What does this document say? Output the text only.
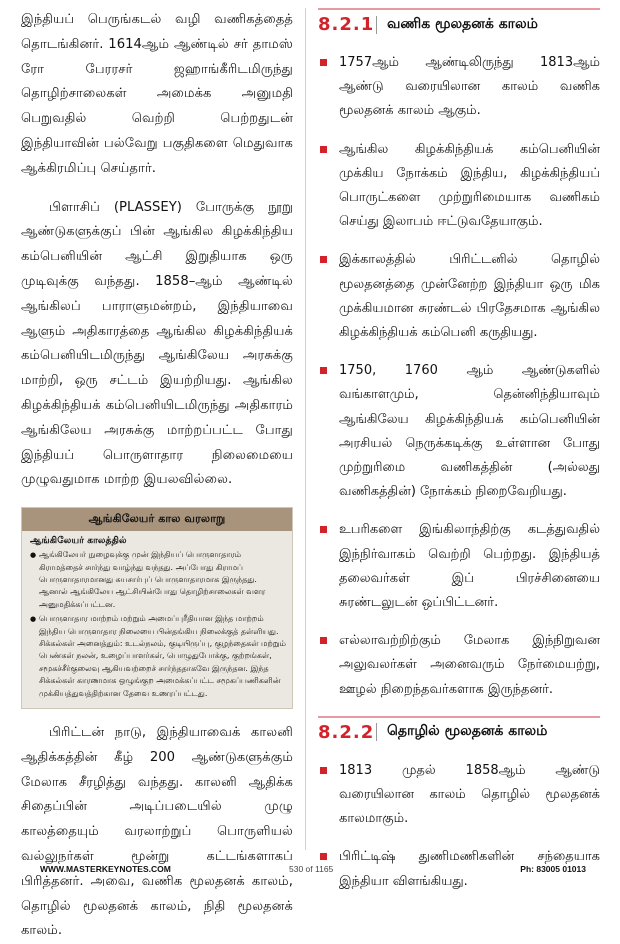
இந்தியப் பெருங்கடல் வழி வணிகத்தைத் தொடங்கினர். 1614ஆம் ஆண்டில் சர் தாமஸ் ரோ பேரரசர் ஜஹாங்கீரிடமிருந்து தொழிற்சாலைகள் அமைக்க அனுமதி பெறுவதில் வெற்றி பெற்றதுடன் இந்தியாவின் பல்வேறு பகுதிகளை மெதுவாக ஆக்கிரமிப்பு செய்தார்.

பிளாசிப் (PLASSEY) போருக்கு நூறு ஆண்டுகளுக்குப் பின் ஆங்கில கிழக்கிந்திய கம்பெனியின் ஆட்சி இறுதியாக ஒரு முடிவுக்கு வந்தது. 1858–ஆம் ஆண்டில் ஆங்கிலப் பாராளுமன்றம், இந்தியாவை ஆளும் அதிகாரத்தை ஆங்கில கிழக்கிந்தியக் கம்பெனியிடமிருந்து ஆங்கிலேய அரசுக்கு மாற்றி, ஒரு சட்டம் இயற்றியது. ஆங்கில கிழக்கிந்தியக் கம்பெனியிடமிருந்து அதிகாரம் ஆங்கிலேய அரசுக்கு மாற்றப்பட்ட போது இந்தியப் பொருளாதார நிலைமையை முழுவதுமாக மாற்ற இயலவில்லை.

ஆங்கிலேயர் கால வரலாறு
ஆங்கிலேயர் காலத்தில்
● ஆங்கிலேயர் நுழைவுக்கு முன் இந்தியப் பொருளாதாரம் கிராமத்தைச் சார்ந்து வாழ்ந்து வந்தது. அப்போது கிராமப் பொருளாதாரமானது சுயசார்புப் பொருளாதாரமாக இருந்தது. ஆனால் ஆங்கிலேய ஆட்சியின்போது தொழிற்சாலைகள் வளர அனுமதிக்கப்பட்டன.
● பொருளாதார மாற்றம் மற்றும் அமைப்புரீதியான இந்த மாற்றம் இந்திய பொருளாதார நிலையை பின்தங்கிய நிலைக்குத் தள்ளியது. சிக்கல்கள் அனைத்தும்: உடல்நலம், குடியிருப்பு, குழந்தைகள் மற்றும் பெண்கள் நலன், உழைப்பாளர்கள், பொழுதுபோக்கு, குற்றங்கள், சமூகச்சீர்குலைவு ஆகியவற்றைச் சார்ந்ததாகவே இருந்தன. இந்த சிக்கல்கள் காரணமாக ஒழுங்குற அமைக்கப்பட்ட சமூகப்பணிகளின் முக்கியத்துவத்திற்கான தேவை உணரப்பட்டது.

பிரிட்டன் நாடு, இந்தியாவைக் காலனி ஆதிக்கத்தின் கீழ் 200 ஆண்டுகளுக்கும் மேலாக சீரழித்து வந்தது. காலனி ஆதிக்க சிதைப்பின் அடிப்படையில் முழு காலத்தையும் வரலாற்றுப் பொருளியல் வல்லுநர்கள் மூன்று கட்டங்களாகப் பிரித்தனர். அவை, வணிக மூலதனக் காலம், தொழில் மூலதனக் காலம், நிதி மூலதனக் காலம்.

8.2.1 வணிக மூலதனக் காலம்

1757ஆம் ஆண்டிலிருந்து 1813ஆம் ஆண்டு வரையிலான காலம் வணிக மூலதனக் காலம் ஆகும்.

ஆங்கில கிழக்கிந்தியக் கம்பெனியின் முக்கிய நோக்கம் இந்திய, கிழக்கிந்தியப் பொருட்களை முற்றுரிமையாக வணிகம் செய்து இலாபம் ஈட்டுவதேயாகும்.

இக்காலத்தில் பிரிட்டனில் தொழில் மூலதனத்தை முன்னேற்ற இந்தியா ஒரு மிக முக்கியமான சுரண்டல் பிரதேசமாக ஆங்கில கிழக்கிந்தியக் கம்பெனி கருதியது.

1750, 1760 ஆம் ஆண்டுகளில் வங்காளமும், தென்னிந்தியாவும் ஆங்கிலேய கிழக்கிந்தியக் கம்பெனியின் அரசியல் நெருக்கடிக்கு உள்ளான போது முற்றுரிமை வணிகத்தின் (அல்லது வணிகத்தின்) நோக்கம் நிறைவேறியது.

உபரிகளை இங்கிலாந்திற்கு கடத்துவதில் இந்நிர்வாகம் வெற்றி பெற்றது. இந்தியத் தலைவர்கள் இப் பிரச்சினையை சுரண்டலுடன் ஒப்பிட்டனர்.

எல்லாவற்றிற்கும் மேலாக இந்நிறுவன அலுவலர்கள் அனைவரும் நேர்மையற்று, ஊழல் நிறைந்தவர்களாக இருந்தனர்.

8.2.2 தொழில் மூலதனக் காலம்

1813 முதல் 1858ஆம் ஆண்டு வரையிலான காலம் தொழில் மூலதனக் காலமாகும்.

பிரிட்டிஷ் துணிமணிகளின் சந்தையாக இந்தியா விளங்கியது.

WWW.MASTERKEYNOTES.COM	530 of 1165	Ph: 83005 01013
